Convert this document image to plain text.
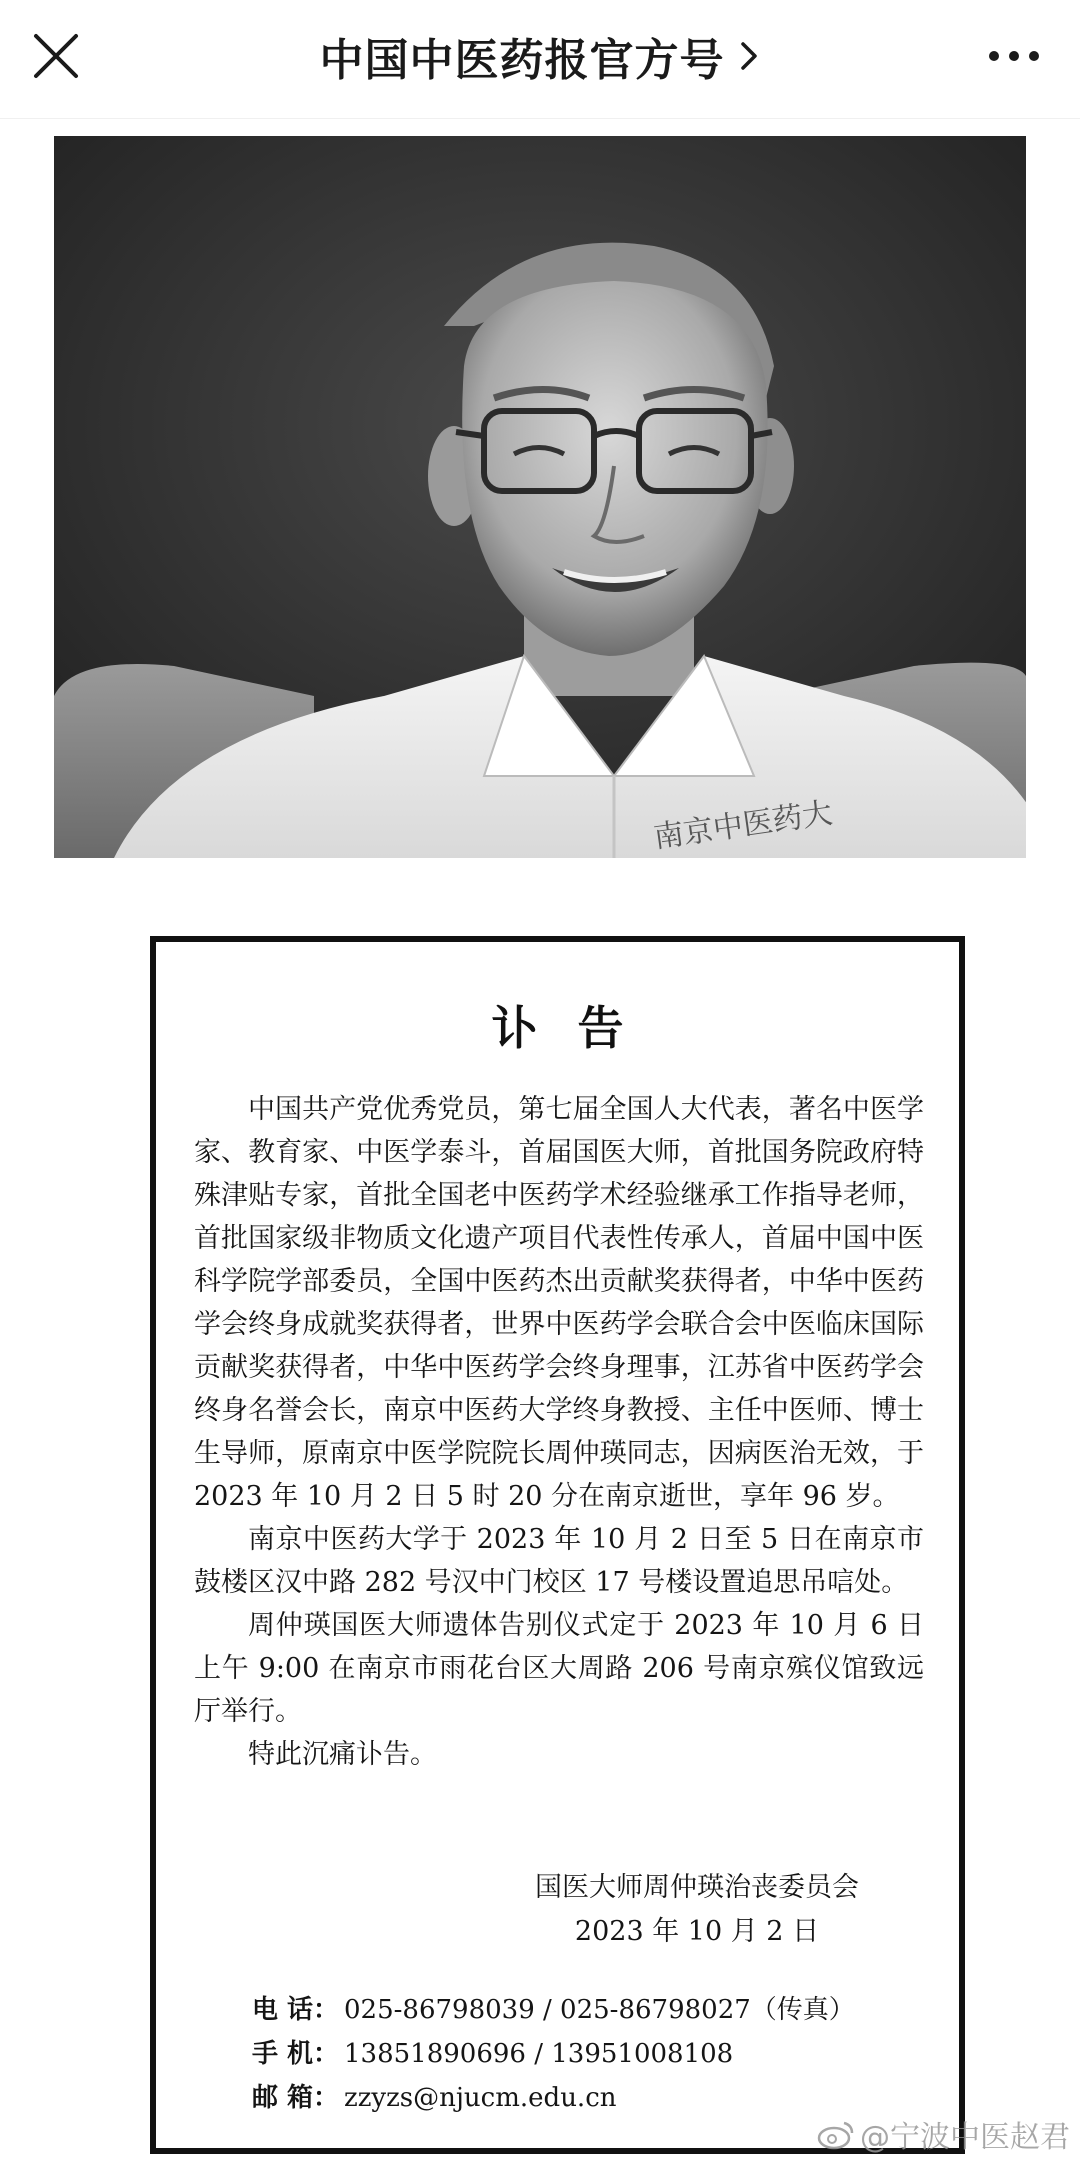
中国中医药报官方号
南京中医药大
讣告

中国共产党优秀党员，第七届全国人大代表，著名中医学家、教育家、中医学泰斗，首届国医大师，首批国务院政府特殊津贴专家，首批全国老中医药学术经验继承工作指导老师，首批国家级非物质文化遗产项目代表性传承人，首届中国中医科学院学部委员，全国中医药杰出贡献奖获得者，中华中医药学会终身成就奖获得者，世界中医药学会联合会中医临床国际贡献奖获得者，中华中医药学会终身理事，江苏省中医药学会终身名誉会长，南京中医药大学终身教授、主任中医师、博士生导师，原南京中医学院院长周仲瑛同志，因病医治无效，于 2023 年 10 月 2 日 5 时 20 分在南京逝世，享年 96 岁。

南京中医药大学于 2023 年 10 月 2 日至 5 日在南京市鼓楼区汉中路 282 号汉中门校区 17 号楼设置追思吊唁处。

周仲瑛国医大师遗体告别仪式定于 2023 年 10 月 6 日上午 9:00 在南京市雨花台区大周路 206 号南京殡仪馆致远厅举行。

特此沉痛讣告。

国医大师周仲瑛治丧委员会
2023 年 10 月 2 日
电 话： 025-86798039 / 025-86798027（传真）
手 机： 13851890696 / 13951008108
邮 箱： zzyzs@njucm.edu.cn
@宁波中医赵君
